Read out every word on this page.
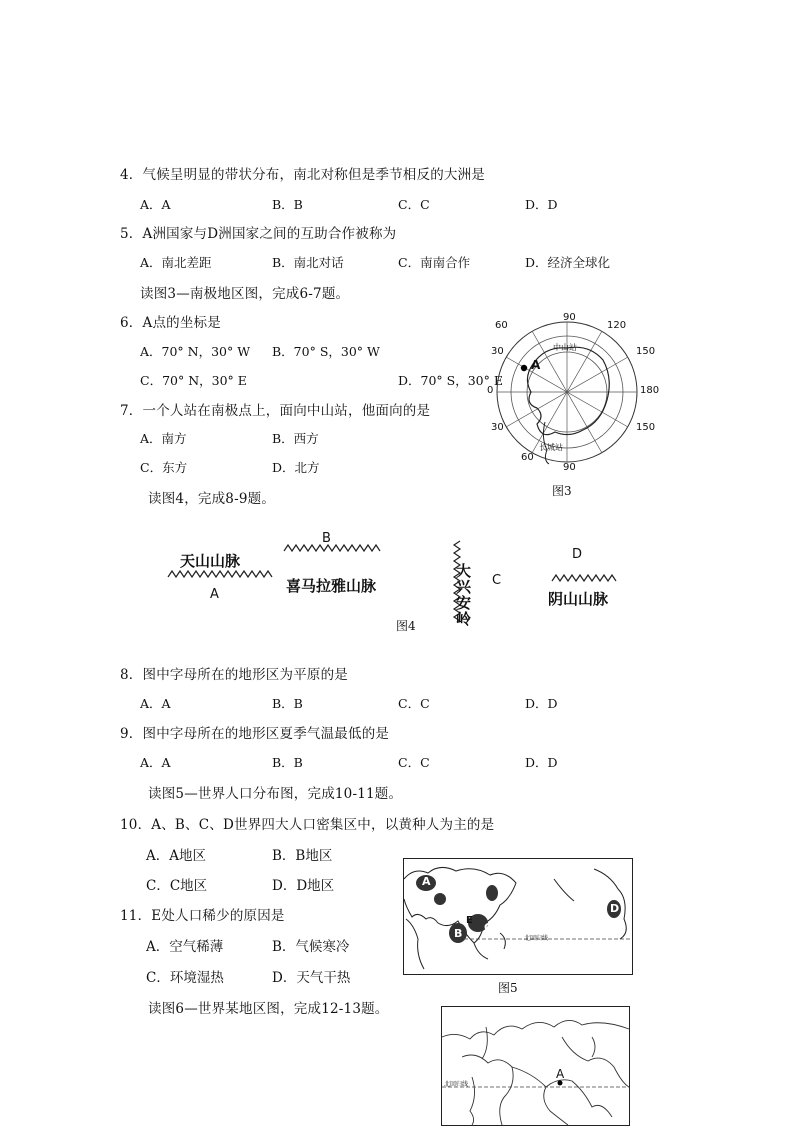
4．气候呈明显的带状分布，南北对称但是季节相反的大洲是
A．A	B．B	C．C	D．D
5．A洲国家与D洲国家之间的互助合作被称为
A．南北差距	B．南北对话	C．南南合作	D．经济全球化
读图3—南极地区图，完成6-7题。
6．A点的坐标是
A．70° N，30° W B．70° S，30° W
C．70° N，30° E	D．70° S，30° E
7．一个人站在南极点上，面向中山站，他面向的是
A．南方	B．西方
C．东方	D．北方
读图4，完成8-9题。
60
90
120
30	150
0	180
30	150
60
90
中山站
长城站
A
图3
天山山脉
A
B
喜马拉雅山脉
大兴安岭
C
D
阴山山脉
图4
8．图中字母所在的地形区为平原的是
A．A	B．B	C．C	D．D
9．图中字母所在的地形区夏季气温最低的是
A．A	B．B	C．C	D．D
读图5—世界人口分布图，完成10-11题。
10．A、B、C、D世界四大人口密集区中，以黄种人为主的是
A．A地区	B．B地区
C．C地区	D．D地区
11．E处人口稀少的原因是
A．空气稀薄	B．气候寒冷
C．环境湿热	D．天气干热
读图6—世界某地区图，完成12-13题。
A
E
B C
D
北回归线
图5
A
北回归线
